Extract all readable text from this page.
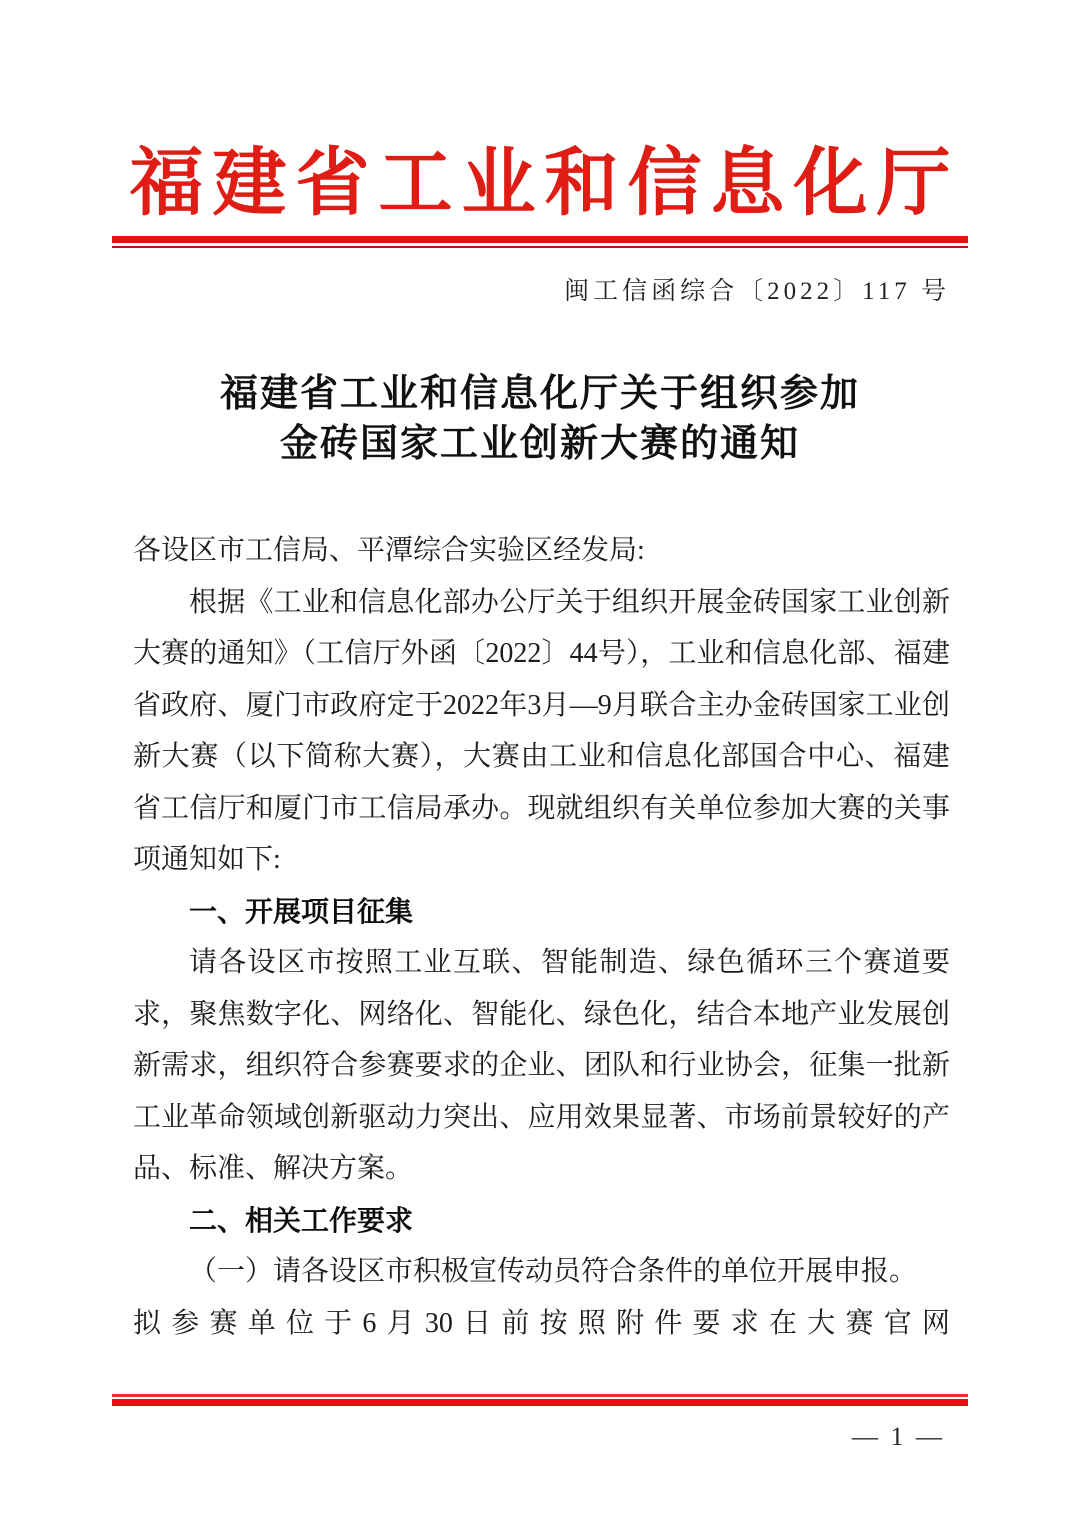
福建省工业和信息化厅
闽工信函综合〔2022〕117 号
福建省工业和信息化厅关于组织参加
金砖国家工业创新大赛的通知

各设区市工信局、平潭综合实验区经发局:

根据《工业和信息化部办公厅关于组织开展金砖国家工业创新大赛的通知》（工信厅外函〔2022〕44号），工业和信息化部、福建省政府、厦门市政府定于2022年3月—9月联合主办金砖国家工业创新大赛（以下简称大赛），大赛由工业和信息化部国合中心、福建省工信厅和厦门市工信局承办。现就组织有关单位参加大赛的关事项通知如下:

一、开展项目征集

请各设区市按照工业互联、智能制造、绿色循环三个赛道要求，聚焦数字化、网络化、智能化、绿色化，结合本地产业发展创新需求，组织符合参赛要求的企业、团队和行业协会，征集一批新工业革命领域创新驱动力突出、应用效果显著、市场前景较好的产品、标准、解决方案。

二、相关工作要求

（一）请各设区市积极宣传动员符合条件的单位开展申报。

拟参赛单位于6月30日前按照附件要求在大赛官网

— 1 —
